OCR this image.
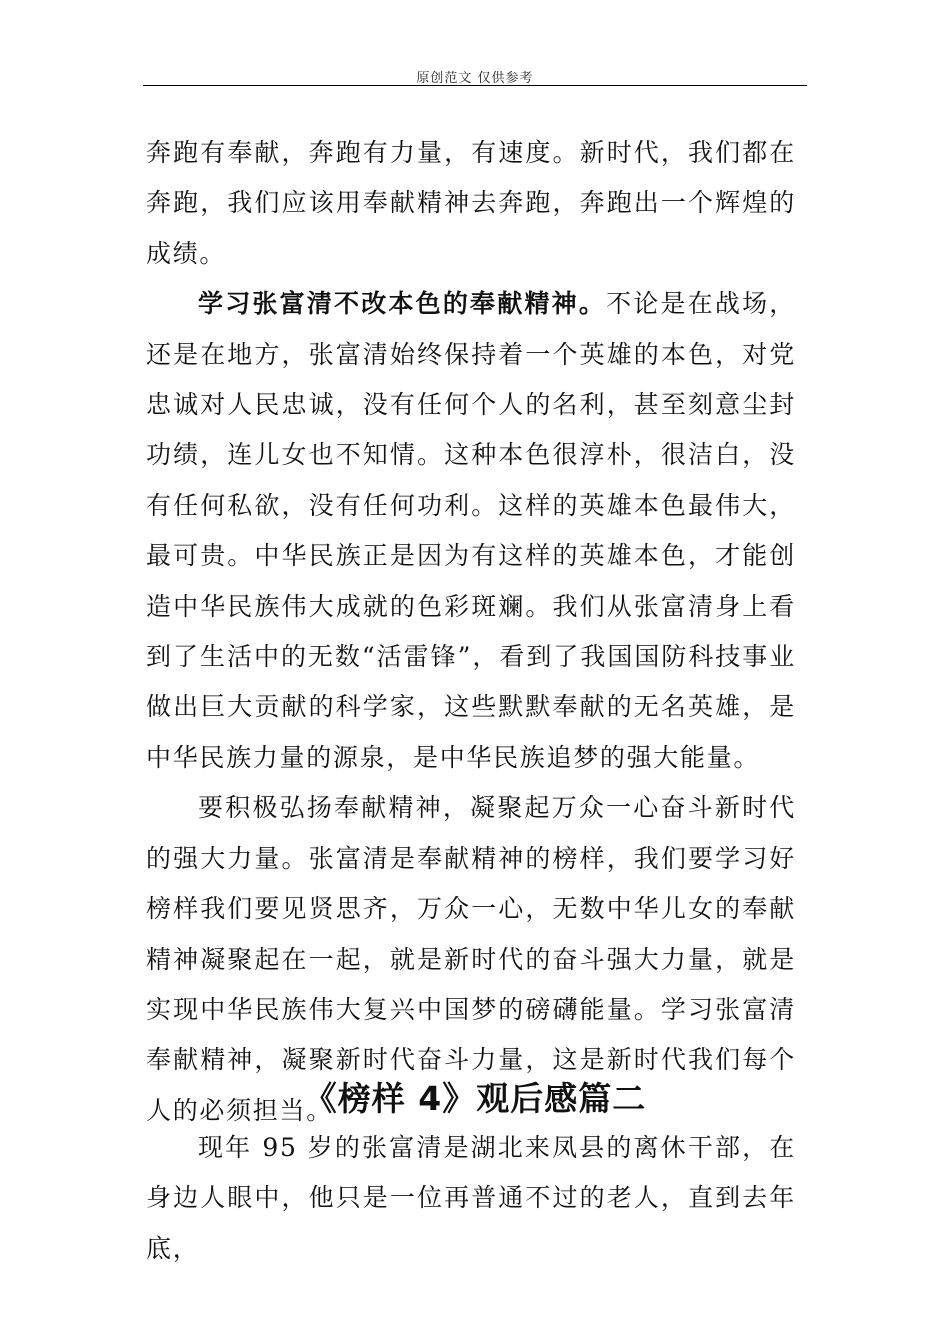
原创范文 仅供参考

奔跑有奉献，奔跑有力量，有速度。新时代，我们都在奔跑，我们应该用奉献精神去奔跑，奔跑出一个辉煌的成绩。

学习张富清不改本色的奉献精神。不论是在战场，还是在地方，张富清始终保持着一个英雄的本色，对党忠诚对人民忠诚，没有任何个人的名利，甚至刻意尘封功绩，连儿女也不知情。这种本色很淳朴，很洁白，没有任何私欲，没有任何功利。这样的英雄本色最伟大，最可贵。中华民族正是因为有这样的英雄本色，才能创造中华民族伟大成就的色彩斑斓。我们从张富清身上看到了生活中的无数“活雷锋”，看到了我国国防科技事业做出巨大贡献的科学家，这些默默奉献的无名英雄，是中华民族力量的源泉，是中华民族追梦的强大能量。

要积极弘扬奉献精神，凝聚起万众一心奋斗新时代的强大力量。张富清是奉献精神的榜样，我们要学习好榜样我们要见贤思齐，万众一心，无数中华儿女的奉献精神凝聚起在一起，就是新时代的奋斗强大力量，就是实现中华民族伟大复兴中国梦的磅礴能量。学习张富清奉献精神，凝聚新时代奋斗力量，这是新时代我们每个人的必须担当。

《榜样 4》观后感篇二

现年 95 岁的张富清是湖北来凤县的离休干部，在身边人眼中，他只是一位再普通不过的老人，直到去年底，
